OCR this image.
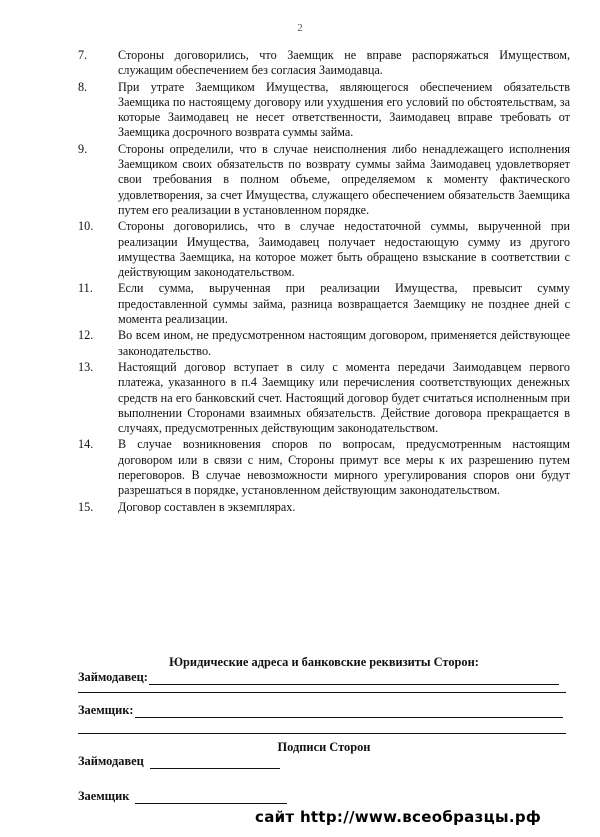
2
7.	Стороны договорились, что Заемщик не вправе распоряжаться Имуществом, служащим обеспечением без согласия Заимодавца.
8.	При утрате Заемщиком Имущества, являющегося обеспечением обязательств Заемщика по настоящему договору или ухудшения его условий по обстоятельствам, за которые Заимодавец не несет ответственности, Заимодавец вправе требовать от Заемщика досрочного возврата суммы займа.
9.	Стороны определили, что в случае неисполнения либо ненадлежащего исполнения Заемщиком своих обязательств по возврату суммы займа Заимодавец удовлетворяет свои требования в полном объеме, определяемом к моменту фактического удовлетворения, за счет Имущества, служащего обеспечением обязательств Заемщика путем его реализации в установленном порядке.
10. Стороны договорились, что в случае недостаточной суммы, вырученной при реализации Имущества, Заимодавец получает недостающую сумму из другого имущества Заемщика, на которое может быть обращено взыскание в соответствии с действующим законодательством.
11. Если сумма, вырученная при реализации Имущества, превысит сумму предоставленной суммы займа, разница возвращается Заемщику не позднее дней с момента реализации.
12. Во всем ином, не предусмотренном настоящим договором, применяется действующее законодательство.
13. Настоящий договор вступает в силу с момента передачи Заимодавцем первого платежа, указанного в п.4 Заемщику или перечисления соответствующих денежных средств на его банковский счет. Настоящий договор будет считаться исполненным при выполнении Сторонами взаимных обязательств. Действие договора прекращается в случаях, предусмотренных действующим законодательством.
14. В случае возникновения споров по вопросам, предусмотренным настоящим договором или в связи с ним, Стороны примут все меры к их разрешению путем переговоров. В случае невозможности мирного урегулирования споров они будут разрешаться в порядке, установленном действующим законодательством.
15. Договор составлен в экземплярах.
Юридические адреса и банковские реквизиты Сторон:
Займодавец:
Заемщик:
Подписи Сторон
Займодавец
Заемщик
сайт http://www.всеобразцы.рф
